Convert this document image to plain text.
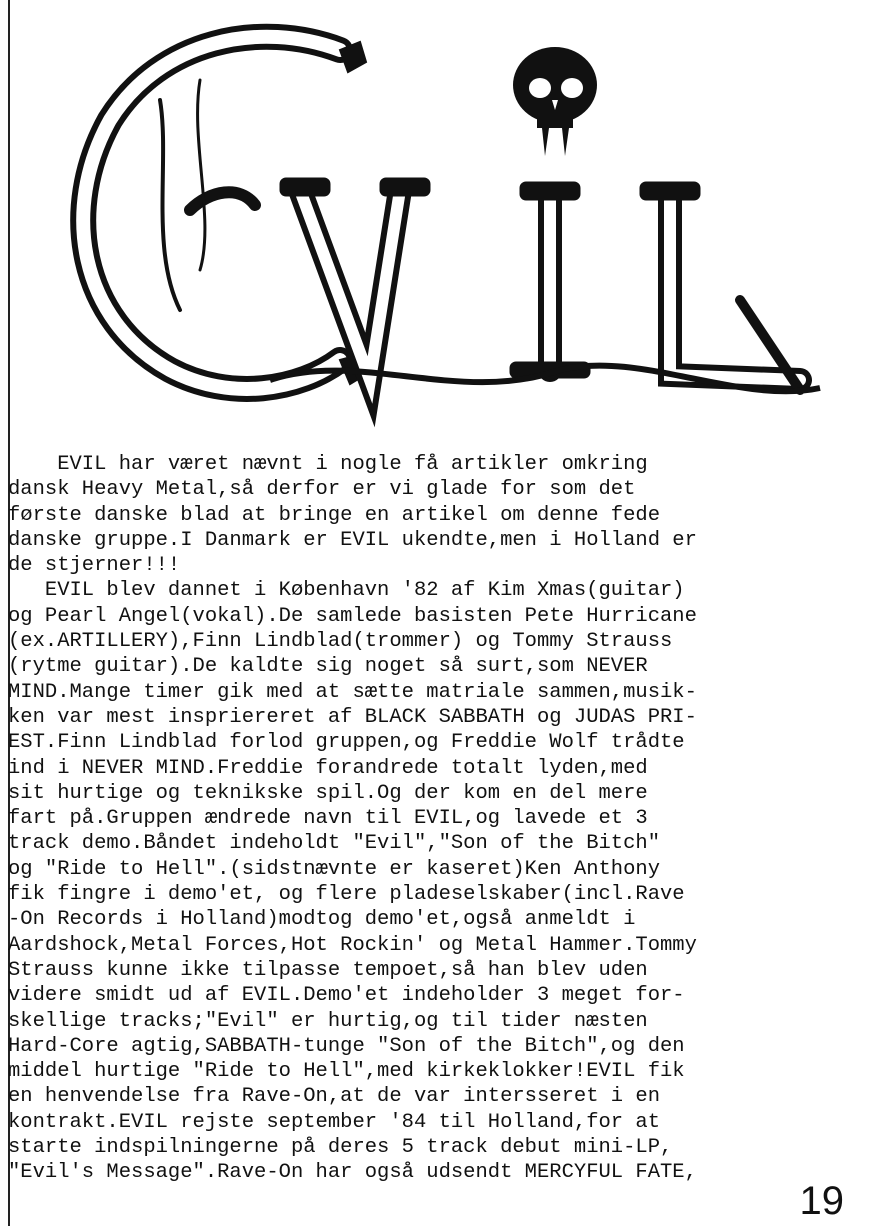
EVIL har været nævnt i nogle få artikler omkring
dansk Heavy Metal,så derfor er vi glade for som det
første danske blad at bringe en artikel om denne fede
danske gruppe.I Danmark er EVIL ukendte,men i Holland er
de stjerner!!!
EVIL blev dannet i København '82 af Kim Xmas(guitar)
og Pearl Angel(vokal).De samlede basisten Pete Hurricane
(ex.ARTILLERY),Finn Lindblad(trommer) og Tommy Strauss
(rytme guitar).De kaldte sig noget så surt,som NEVER
MIND.Mange timer gik med at sætte matriale sammen,musik-
ken var mest inspriereret af BLACK SABBATH og JUDAS PRI-
EST.Finn Lindblad forlod gruppen,og Freddie Wolf trådte
ind i NEVER MIND.Freddie forandrede totalt lyden,med
sit hurtige og teknikske spil.Og der kom en del mere
fart på.Gruppen ændrede navn til EVIL,og lavede et 3
track demo.Båndet indeholdt "Evil","Son of the Bitch"
og "Ride to Hell".(sidstnævnte er kaseret)Ken Anthony
fik fingre i demo'et, og flere pladeselskaber(incl.Rave
-On Records i Holland)modtog demo'et,også anmeldt i
Aardshock,Metal Forces,Hot Rockin' og Metal Hammer.Tommy
Strauss kunne ikke tilpasse tempoet,så han blev uden
videre smidt ud af EVIL.Demo'et indeholder 3 meget for-
skellige tracks;"Evil" er hurtig,og til tider næsten
Hard-Core agtig,SABBATH-tunge "Son of the Bitch",og den
middel hurtige "Ride to Hell",med kirkeklokker!EVIL fik
en henvendelse fra Rave-On,at de var intersseret i en
kontrakt.EVIL rejste september '84 til Holland,for at
starte indspilningerne på deres 5 track debut mini-LP,
"Evil's Message".Rave-On har også udsendt MERCYFUL FATE,
19
